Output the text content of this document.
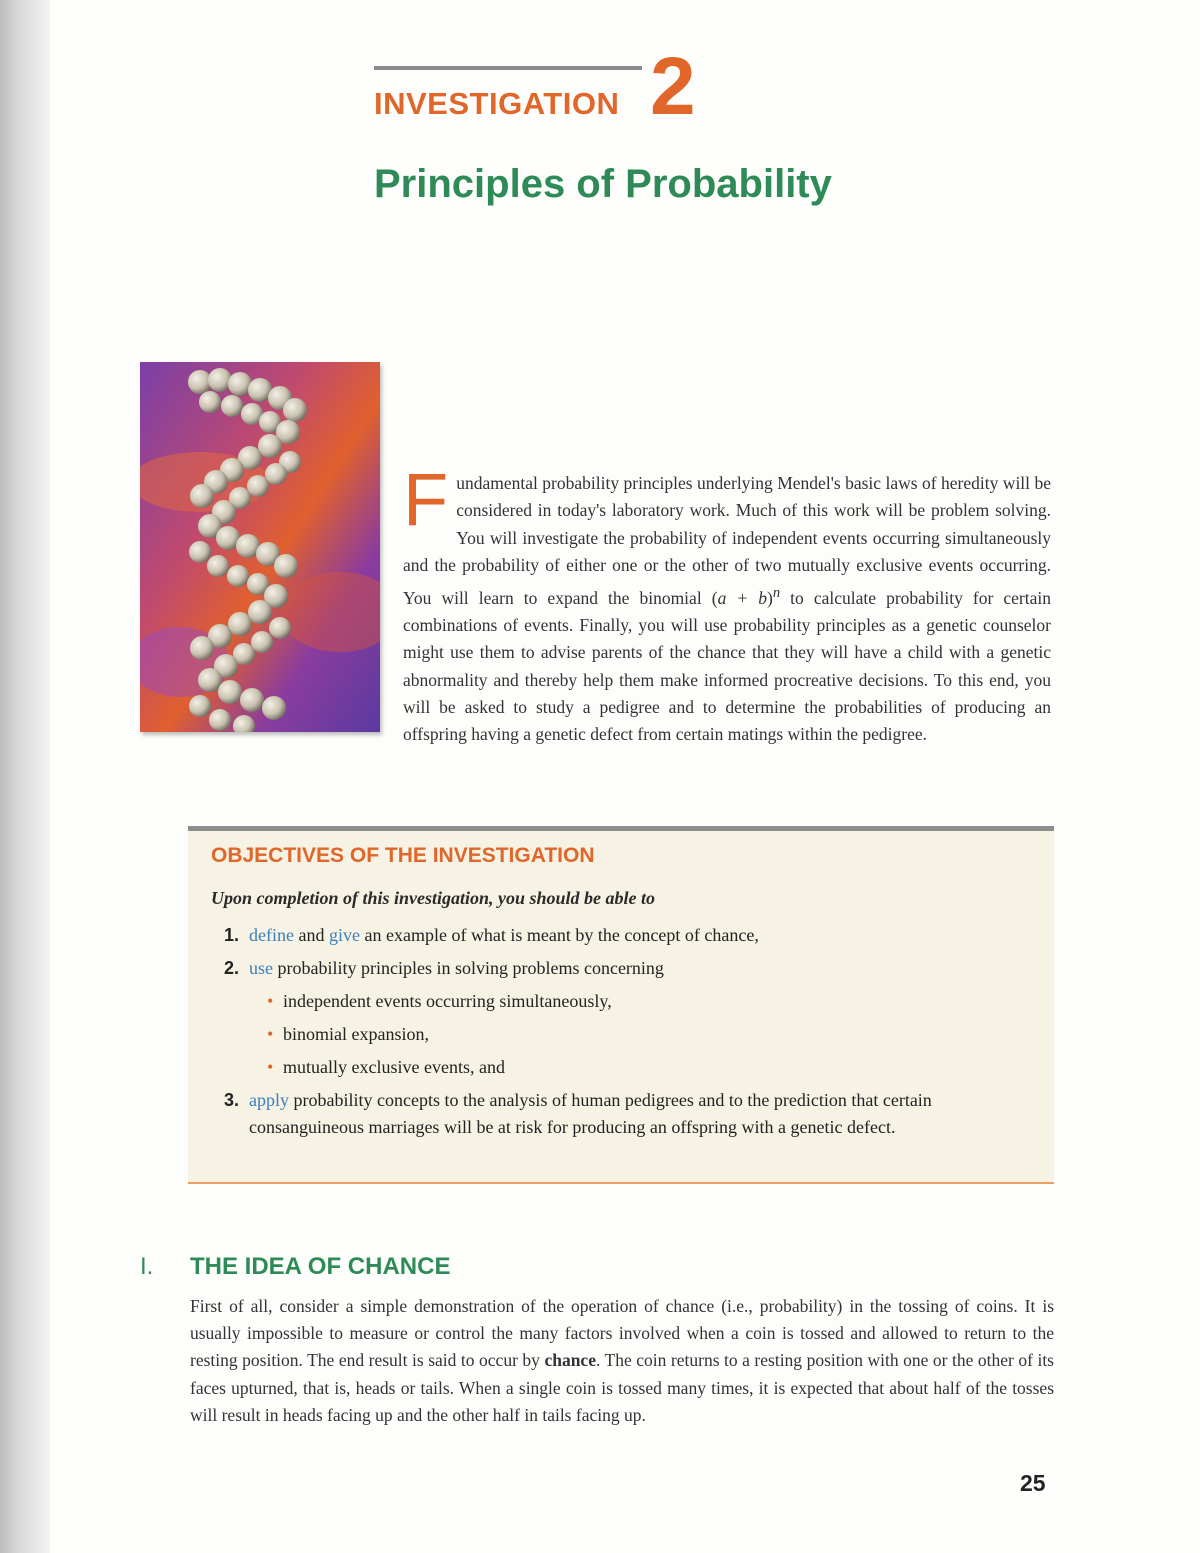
INVESTIGATION 2
Principles of Probability
Fundamental probability principles underlying Mendel's basic laws of heredity will be considered in today's laboratory work. Much of this work will be problem solving. You will investigate the probability of independent events occurring simultaneously and the probability of either one or the other of two mutually exclusive events occurring. You will learn to expand the binomial $(a + b)^n$ to calculate probability for certain combinations of events. Finally, you will use probability principles as a genetic counselor might use them to advise parents of the chance that they will have a child with a genetic abnormality and thereby help them make informed procreative decisions. To this end, you will be asked to study a pedigree and to determine the probabilities of producing an offspring having a genetic defect from certain matings within the pedigree.
OBJECTIVES OF THE INVESTIGATION
Upon completion of this investigation, you should be able to
1. define and give an example of what is meant by the concept of chance,
2. use probability principles in solving problems concerning
• independent events occurring simultaneously,
• binomial expansion,
• mutually exclusive events, and
3. apply probability concepts to the analysis of human pedigrees and to the prediction that certain consanguineous marriages will be at risk for producing an offspring with a genetic defect.
I. THE IDEA OF CHANCE
First of all, consider a simple demonstration of the operation of chance (i.e., probability) in the tossing of coins. It is usually impossible to measure or control the many factors involved when a coin is tossed and allowed to return to the resting position. The end result is said to occur by chance. The coin returns to a resting position with one or the other of its faces upturned, that is, heads or tails. When a single coin is tossed many times, it is expected that about half of the tosses will result in heads facing up and the other half in tails facing up.
25
